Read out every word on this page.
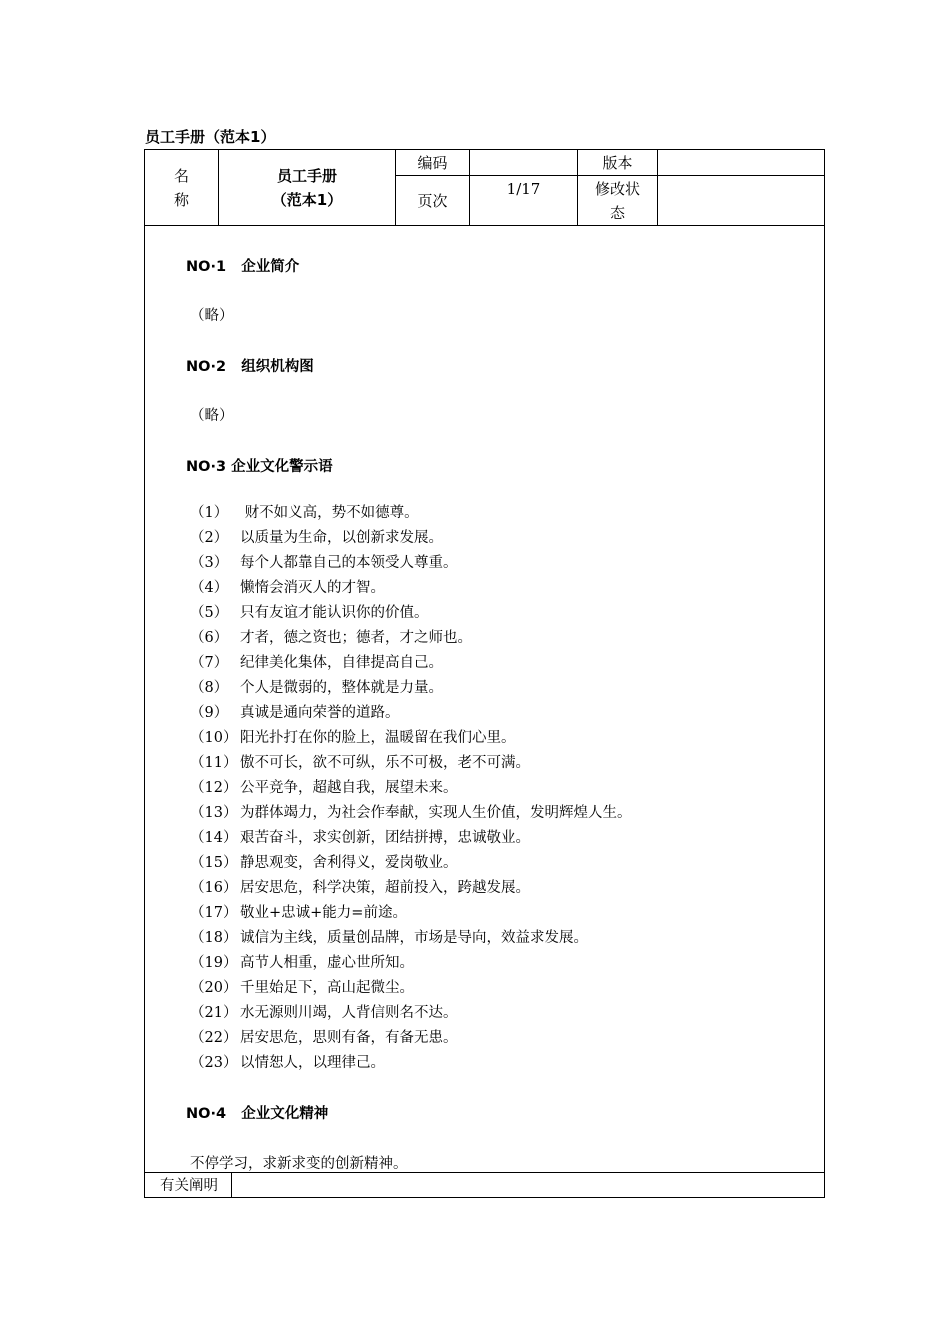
员工手册（范本1）
名
称
员工手册
（范本1）
编码	版本
页次
1/17	修改状
态
NO·1   企业简介
（略）
NO·2   组织机构图
（略）
NO·3 企业文化警示语
（1） 财不如义高，势不如德尊。
（2） 以质量为生命，以创新求发展。
（3） 每个人都靠自己的本领受人尊重。
（4） 懒惰会消灭人的才智。
（5） 只有友谊才能认识你的价值。
（6） 才者，德之资也；德者，才之师也。
（7） 纪律美化集体，自律提高自己。
（8） 个人是微弱的，整体就是力量。
（9） 真诚是通向荣誉的道路。
（10） 阳光扑打在你的脸上，温暖留在我们心里。
（11） 傲不可长，欲不可纵，乐不可极，老不可满。
（12） 公平竞争，超越自我，展望未来。
（13） 为群体竭力，为社会作奉献，实现人生价值，发明辉煌人生。
（14） 艰苦奋斗，求实创新，团结拼搏，忠诚敬业。
（15） 静思观变，舍利得义，爱岗敬业。
（16） 居安思危，科学决策，超前投入，跨越发展。
（17） 敬业+忠诚+能力=前途。
（18） 诚信为主线，质量创品牌，市场是导向，效益求发展。
（19） 高节人相重，虚心世所知。
（20） 千里始足下，高山起微尘。
（21） 水无源则川竭，人背信则名不达。
（22） 居安思危，思则有备，有备无患。
（23） 以情恕人，以理律己。
NO·4   企业文化精神
不停学习，求新求变的创新精神。
有关阐明
